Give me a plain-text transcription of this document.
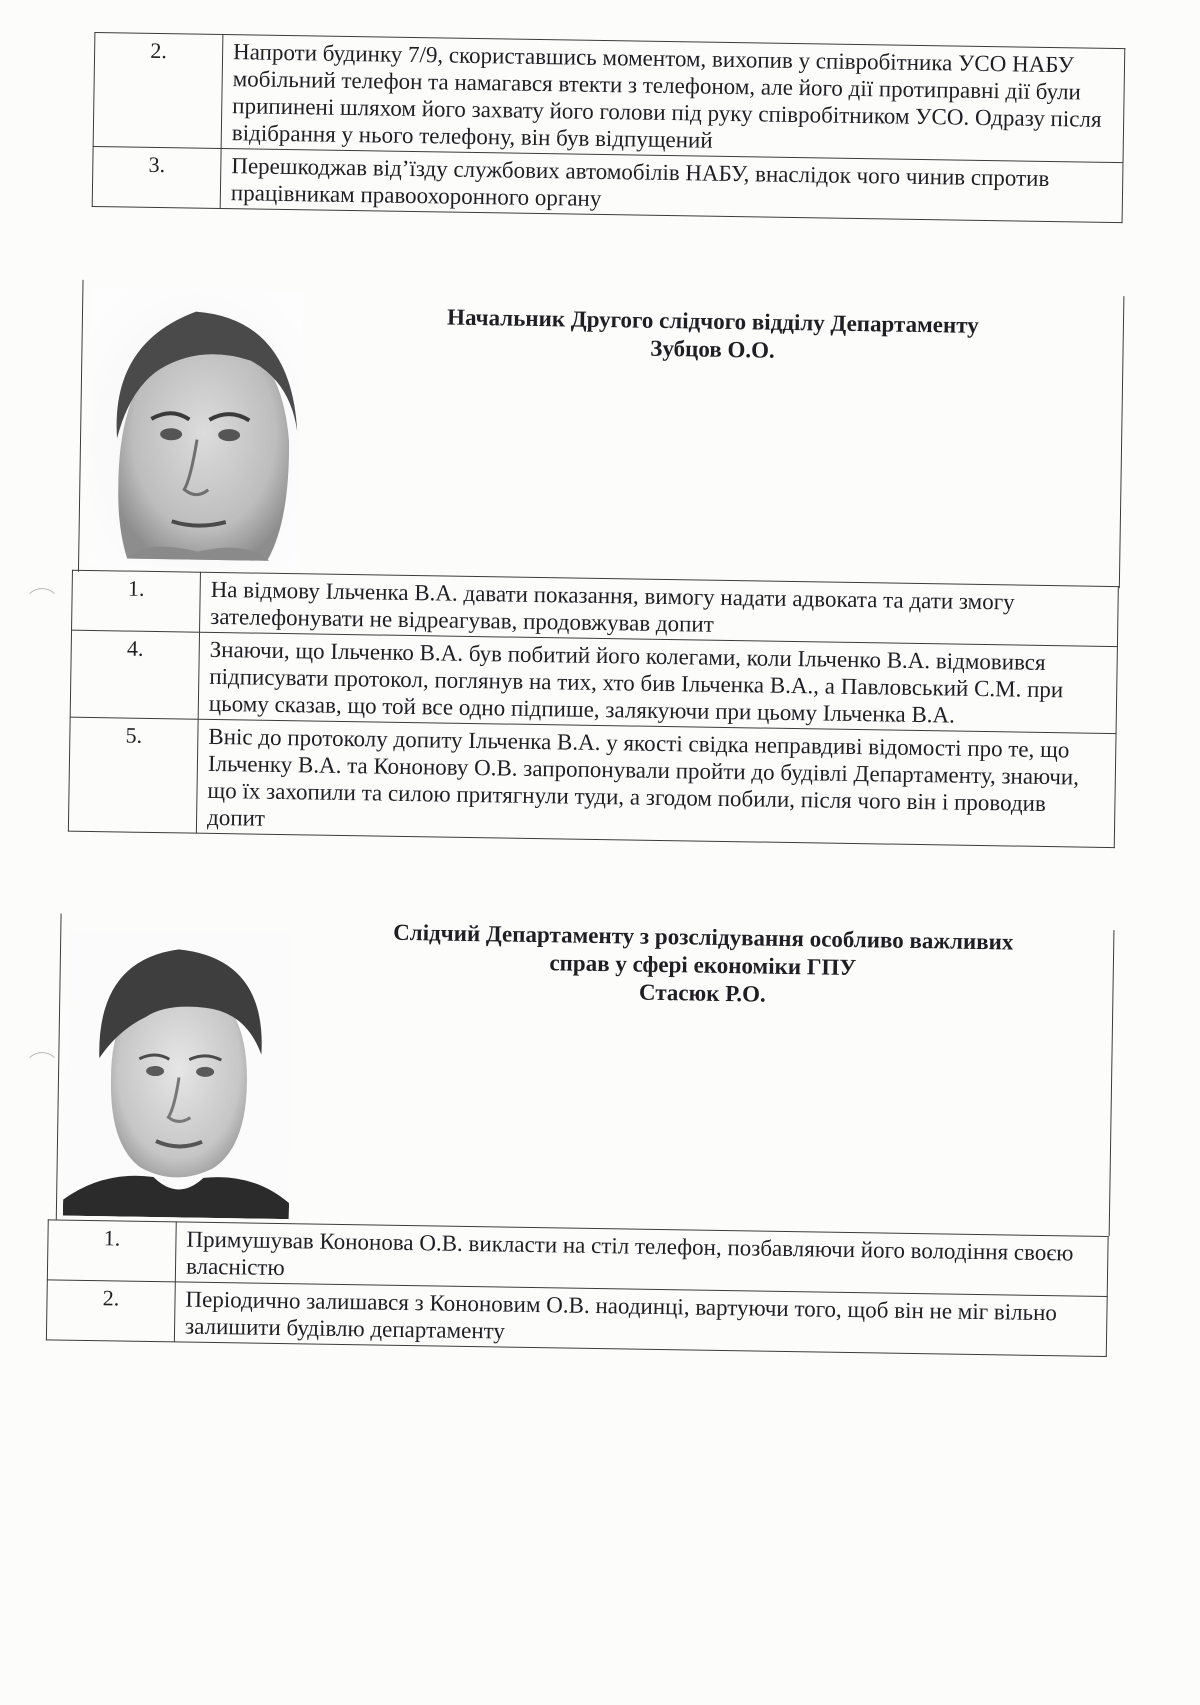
2.	Напроти будинку 7/9, скориставшись моментом, вихопив у співробітника УСО НАБУ мобільний телефон та намагався втекти з телефоном, але його дії протиправні дії були припинені шляхом його захвату його голови під руку співробітником УСО. Одразу після відібрання у нього телефону, він був відпущений
3.	Перешкоджав від’їзду службових автомобілів НАБУ, внаслідок чого чинив спротив працівникам правоохоронного органу
Начальник Другого слідчого відділу Департаменту
Зубцов О.О.
1.	На відмову Ільченка В.А. давати показання, вимогу надати адвоката та дати змогу зателефонувати не відреагував, продовжував допит
4.	Знаючи, що Ільченко В.А. був побитий його колегами, коли Ільченко В.А. відмовився підписувати протокол, поглянув на тих, хто бив Ільченка В.А., а Павловський С.М. при цьому сказав, що той все одно підпише, залякуючи при цьому Ільченка В.А.
5.	Вніс до протоколу допиту Ільченка В.А. у якості свідка неправдиві відомості про те, що Ільченку В.А. та Кононову О.В. запропонували пройти до будівлі Департаменту, знаючи, що їх захопили та силою притягнули туди, а згодом побили, після чого він і проводив допит
Слідчий Департаменту з розслідування особливо важливих
справ у сфері економіки ГПУ
Стасюк Р.О.
1.	Примушував Кононова О.В. викласти на стіл телефон, позбавляючи його володіння своєю власністю
2.	Періодично залишався з Кононовим О.В. наодинці, вартуючи того, щоб він не міг вільно залишити будівлю департаменту
